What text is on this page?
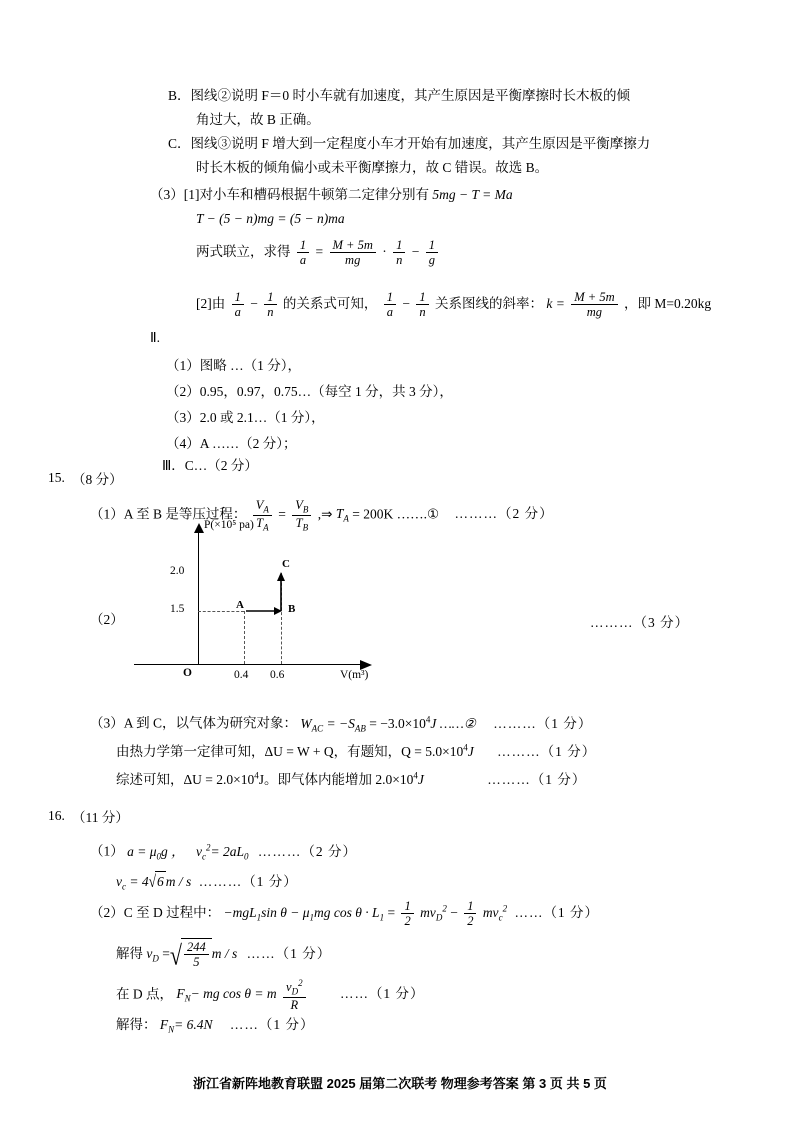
B．图线②说明 F＝0 时小车就有加速度，其产生原因是平衡摩擦时长木板的倾
角过大，故 B 正确。
C．图线③说明 F 增大到一定程度小车才开始有加速度，其产生原因是平衡摩擦力
时长木板的倾角偏小或未平衡摩擦力，故 C 错误。故选 B。
（3）[1]对小车和槽码根据牛顿第二定律分别有 5mg − T = Ma
T − (5 − n)mg = (5 − n)ma
两式联立，求得 $\frac{1}{a} = \frac{M + 5m}{mg} \cdot \frac{1}{n} - \frac{1}{g}$
[2]由 $\frac{1}{a} - \frac{1}{n}$ 的关系式可知， $\frac{1}{a} - \frac{1}{n}$ 关系图线的斜率： $k = \frac{M + 5m}{mg}$ ，即 M=0.20kg
Ⅱ.
（1）图略 …（1 分），
（2）0.95，0.97，0.75…（每空 1 分，共 3 分），
（3）2.0 或 2.1…（1 分），
（4）A ……（2 分）；
Ⅲ．C…（2 分）
15. （8 分）
（1）A 至 B 是等压过程： $\frac{V_A}{T_A} = \frac{V_B}{T_B}$ ,⇒ $T_A = 200K$ …….① ………（2 分）
（2）	………（3 分）
P(×10⁵ pa)
V(m³)
O
2.0
1.5
0.4 0.6
A	B
C
（3）A 到 C，以气体为研究对象： $W_{AC} = -S_{AB} = -3.0\times 10^4J$ ……② ………（1 分）
由热力学第一定律可知，ΔU = W + Q，有题知，$Q = 5.0\times 10^4J$ ………（1 分）
综述可知，$\Delta U = 2.0\times 10^4J$。即气体内能增加 $2.0\times 10^4J$	………（1 分）
16. （11 分）
（1） $a = \mu_0g$ ， $v_c^2= 2aL_0$ ………（2 分）
$v_c = 4√6$ m / s ………（1 分）
（2）C 至 D 过程中： −mgL$_1$sin $\theta - \mu_1mg$ $\cos \theta \cdot L_1 = \frac{1}{2} mv_D^2 - \frac{1}{2} mv_c^2$ ……（1 分）
解得 $v_D$ =√ $\frac{244}{5}$ m / s ……（1 分）
在 D 点， $F_N-$ mg cos θ = m $\frac{v_D^2}{R}$	……（1 分）
解得： $F_N= 6.4N$ ……（1 分）
浙江省新阵地教育联盟 2025 届第二次联考 物理参考答案 第 3 页 共 5 页
